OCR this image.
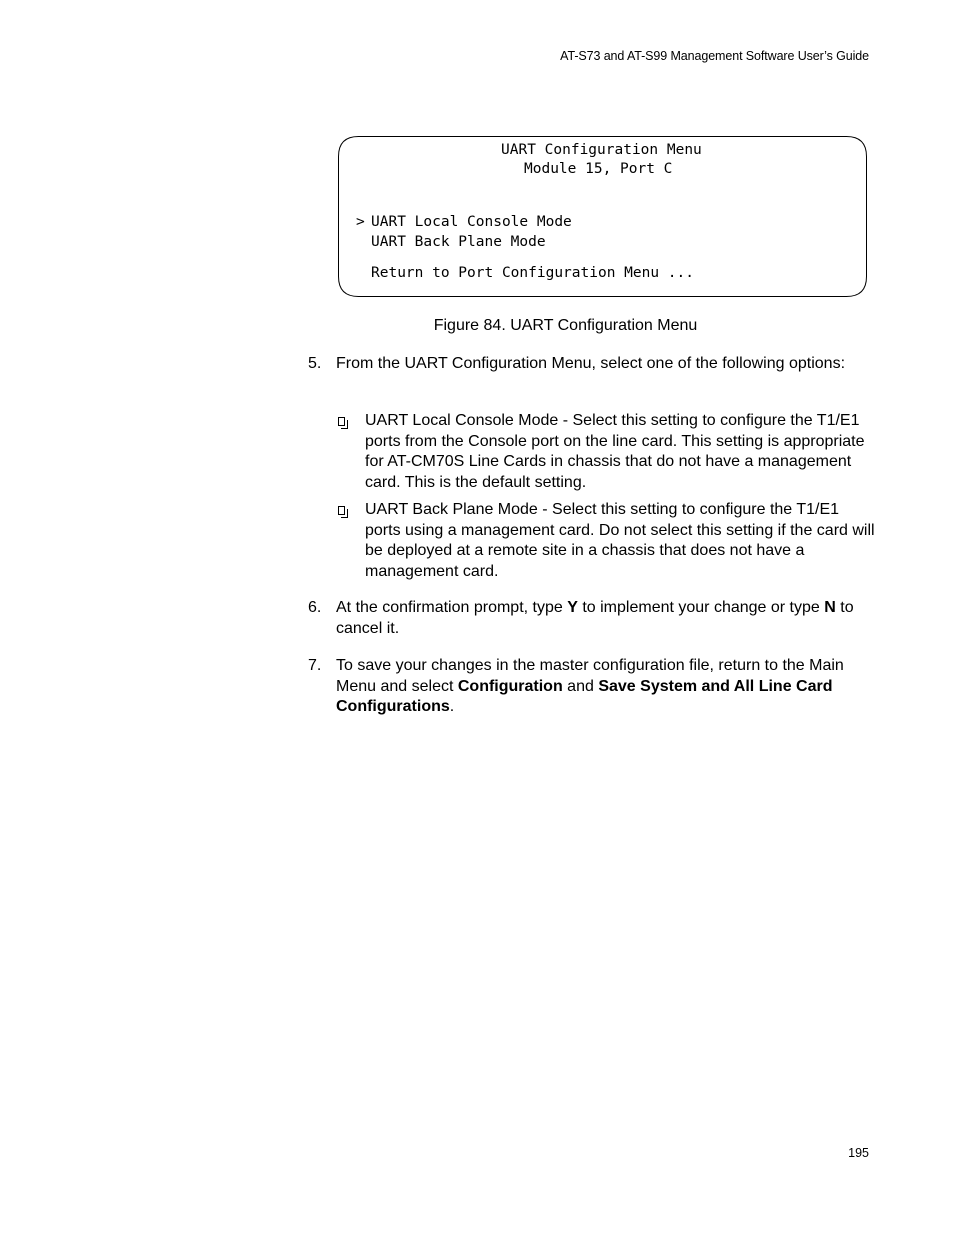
AT-S73 and AT-S99 Management Software User’s Guide
UART Configuration Menu
Module 15, Port C
> UART Local Console Mode
UART Back Plane Mode
Return to Port Configuration Menu ...
Figure 84. UART Configuration Menu
5. From the UART Configuration Menu, select one of the following options:
UART Local Console Mode - Select this setting to configure the T1/E1 ports from the Console port on the line card. This setting is appropriate for AT-CM70S Line Cards in chassis that do not have a management card. This is the default setting.
UART Back Plane Mode - Select this setting to configure the T1/E1 ports using a management card. Do not select this setting if the card will be deployed at a remote site in a chassis that does not have a management card.
6. At the confirmation prompt, type Y to implement your change or type N to cancel it.
7. To save your changes in the master configuration file, return to the Main Menu and select Configuration and Save System and All Line Card Configurations.
195
